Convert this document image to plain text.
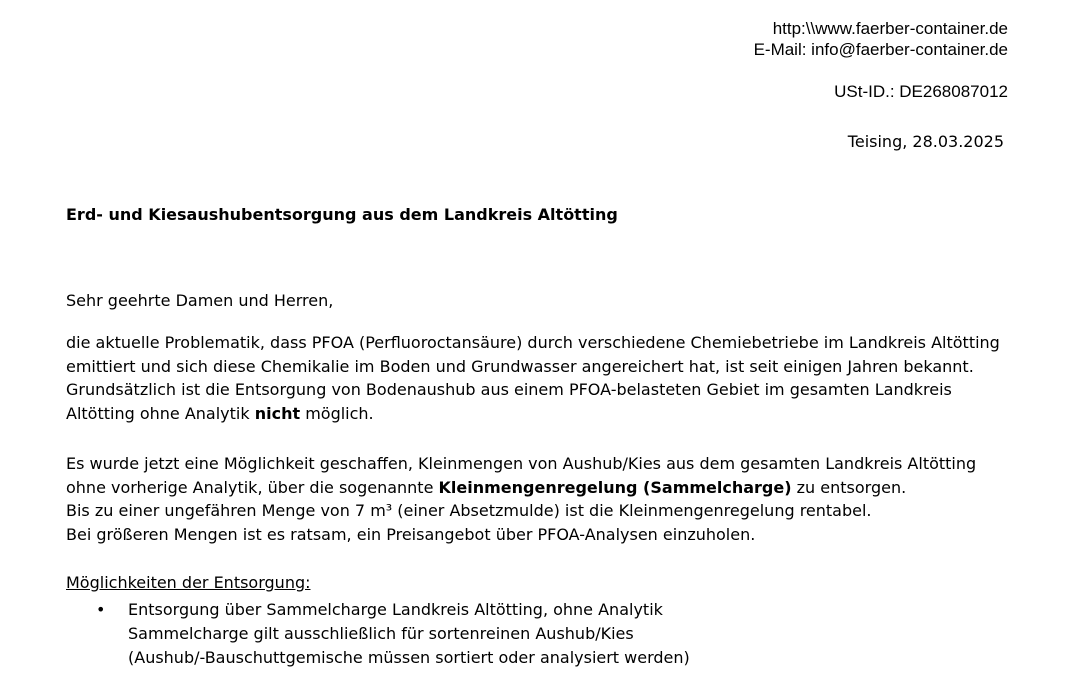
http:\\www.faerber-container.de
E-Mail: info@faerber-container.de
USt-ID.: DE268087012
Teising, 28.03.2025
Erd- und Kiesaushubentsorgung aus dem Landkreis Altötting
Sehr geehrte Damen und Herren,
die aktuelle Problematik, dass PFOA (Perfluoroctansäure) durch verschiedene Chemiebetriebe im Landkreis Altötting
emittiert und sich diese Chemikalie im Boden und Grundwasser angereichert hat, ist seit einigen Jahren bekannt.
Grundsätzlich ist die Entsorgung von Bodenaushub aus einem PFOA-belasteten Gebiet im gesamten Landkreis
Altötting ohne Analytik nicht möglich.
Es wurde jetzt eine Möglichkeit geschaffen, Kleinmengen von Aushub/Kies aus dem gesamten Landkreis Altötting
ohne vorherige Analytik, über die sogenannte Kleinmengenregelung (Sammelcharge) zu entsorgen.
Bis zu einer ungefähren Menge von 7 m³ (einer Absetzmulde) ist die Kleinmengenregelung rentabel.
Bei größeren Mengen ist es ratsam, ein Preisangebot über PFOA-Analysen einzuholen.
Möglichkeiten der Entsorgung:
• Entsorgung über Sammelcharge Landkreis Altötting, ohne Analytik
Sammelcharge gilt ausschließlich für sortenreinen Aushub/Kies
(Aushub/-Bauschuttgemische müssen sortiert oder analysiert werden)
